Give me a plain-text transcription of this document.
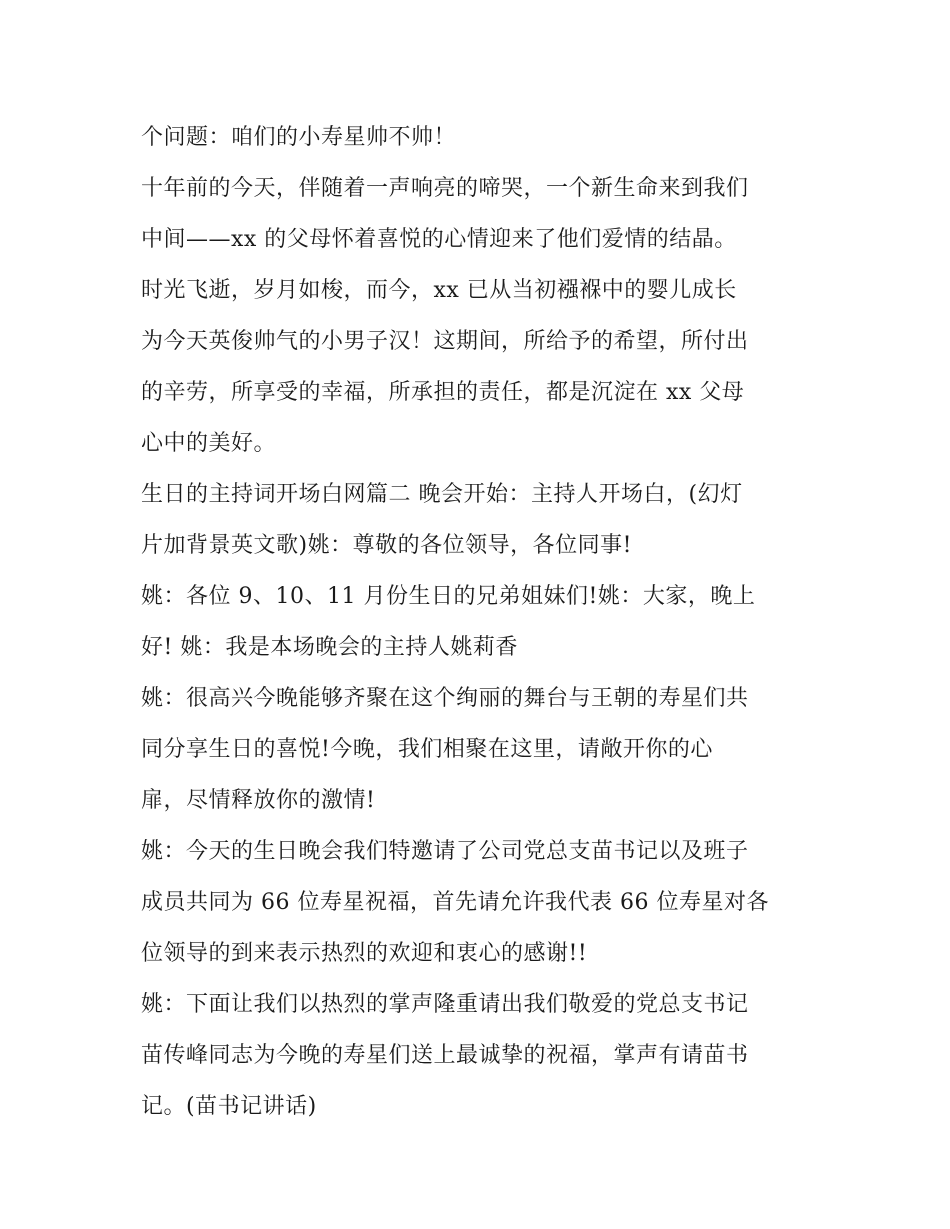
个问题：咱们的小寿星帅不帅！
十年前的今天，伴随着一声响亮的啼哭，一个新生命来到我们
中间——xx 的父母怀着喜悦的心情迎来了他们爱情的结晶。
时光飞逝，岁月如梭，而今，xx 已从当初襁褓中的婴儿成长
为今天英俊帅气的小男子汉！这期间，所给予的希望，所付出
的辛劳，所享受的幸福，所承担的责任，都是沉淀在 xx 父母
心中的美好。
生日的主持词开场白网篇二 晚会开始：主持人开场白，(幻灯
片加背景英文歌)姚：尊敬的各位领导，各位同事!
姚：各位 9、10、11 月份生日的兄弟姐妹们!姚：大家，晚上
好! 姚：我是本场晚会的主持人姚莉香
姚：很高兴今晚能够齐聚在这个绚丽的舞台与王朝的寿星们共
同分享生日的喜悦!今晚，我们相聚在这里，请敞开你的心
扉，尽情释放你的激情!
姚：今天的生日晚会我们特邀请了公司党总支苗书记以及班子
成员共同为 66 位寿星祝福，首先请允许我代表 66 位寿星对各
位领导的到来表示热烈的欢迎和衷心的感谢!!
姚：下面让我们以热烈的掌声隆重请出我们敬爱的党总支书记
苗传峰同志为今晚的寿星们送上最诚挚的祝福，掌声有请苗书
记。(苗书记讲话)
